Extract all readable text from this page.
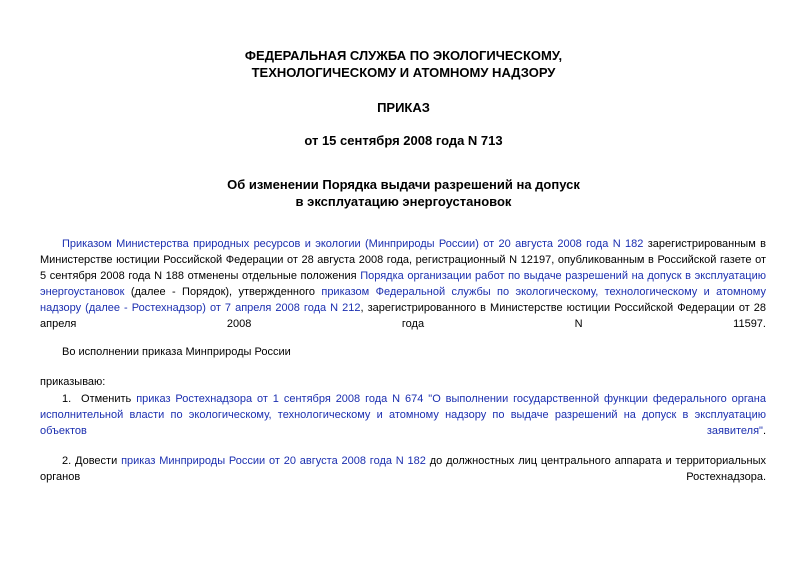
ФЕДЕРАЛЬНАЯ СЛУЖБА ПО ЭКОЛОГИЧЕСКОМУ,
ТЕХНОЛОГИЧЕСКОМУ И АТОМНОМУ НАДЗОРУ
ПРИКАЗ
от 15 сентября 2008 года N 713
Об изменении Порядка выдачи разрешений на допуск
в эксплуатацию энергоустановок
Приказом Министерства природных ресурсов и экологии (Минприроды России) от 20 августа 2008 года N 182 зарегистрированным в Министерстве юстиции Российской Федерации от 28 августа 2008 года, регистрационный N 12197, опубликованным в Российской газете от 5 сентября 2008 года N 188 отменены отдельные положения Порядка организации работ по выдаче разрешений на допуск в эксплуатацию энергоустановок (далее - Порядок), утвержденного приказом Федеральной службы по экологическому, технологическому и атомному надзору (далее - Ростехнадзор) от 7 апреля 2008 года N 212, зарегистрированного в Министерстве юстиции Российской Федерации от 28 апреля 2008 года N 11597.
Во исполнении приказа Минприроды России
приказываю:
1. Отменить приказ Ростехнадзора от 1 сентября 2008 года N 674 "О выполнении государственной функции федерального органа исполнительной власти по экологическому, технологическому и атомному надзору по выдаче разрешений на допуск в эксплуатацию объектов заявителя".
2. Довести приказ Минприроды России от 20 августа 2008 года N 182 до должностных лиц центрального аппарата и территориальных органов Ростехнадзора.
